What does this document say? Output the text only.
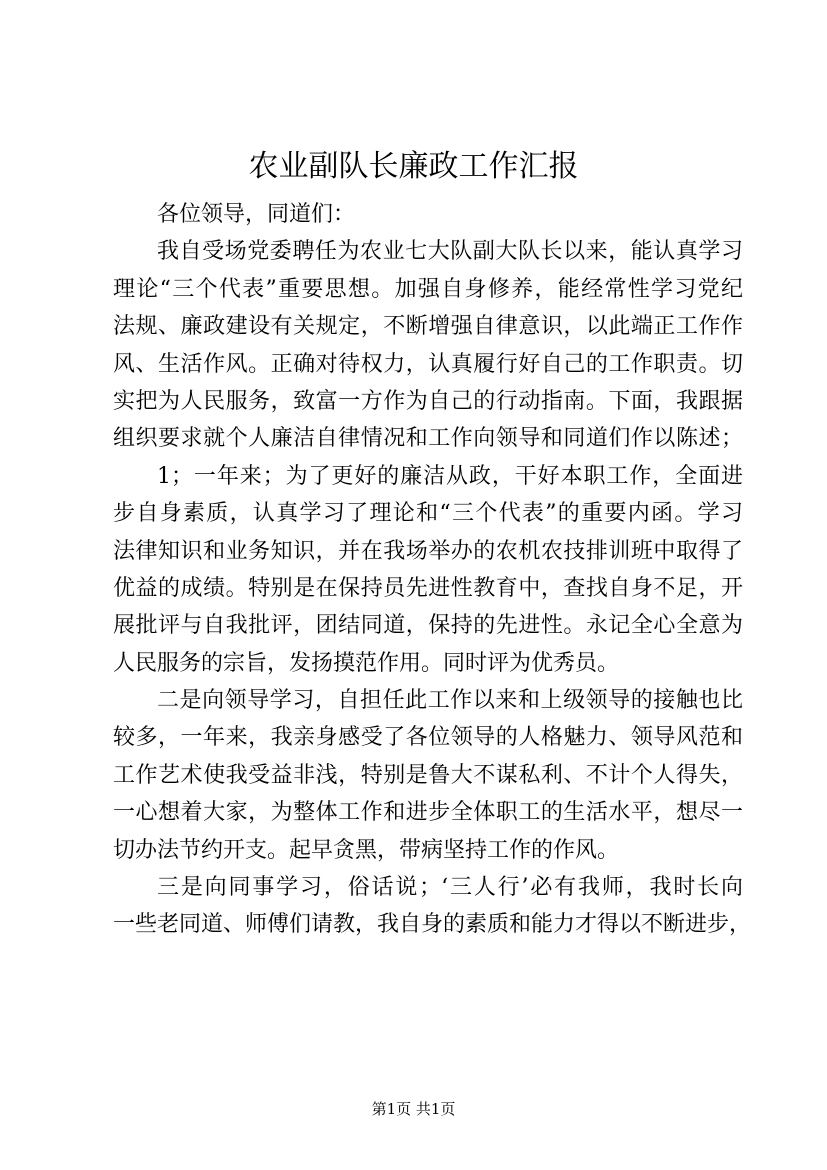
农业副队长廉政工作汇报
各位领导，同道们：
我自受场党委聘任为农业七大队副大队长以来，能认真学习
理论“三个代表”重要思想。加强自身修养，能经常性学习党纪
法规、廉政建设有关规定，不断增强自律意识，以此端正工作作
风、生活作风。正确对待权力，认真履行好自己的工作职责。切
实把为人民服务，致富一方作为自己的行动指南。下面，我跟据
组织要求就个人廉洁自律情况和工作向领导和同道们作以陈述；
1；一年来；为了更好的廉洁从政，干好本职工作，全面进
步自身素质，认真学习了理论和“三个代表”的重要内函。学习
法律知识和业务知识，并在我场举办的农机农技排训班中取得了
优益的成绩。特别是在保持员先进性教育中，查找自身不足，开
展批评与自我批评，团结同道，保持的先进性。永记全心全意为
人民服务的宗旨，发扬摸范作用。同时评为优秀员。
二是向领导学习，自担任此工作以来和上级领导的接触也比
较多，一年来，我亲身感受了各位领导的人格魅力、领导风范和
工作艺术使我受益非浅，特别是鲁大不谋私利、不计个人得失，
一心想着大家，为整体工作和进步全体职工的生活水平，想尽一
切办法节约开支。起早贪黑，带病坚持工作的作风。
三是向同事学习，俗话说；‘三人行’必有我师，我时长向
一些老同道、师傅们请教，我自身的素质和能力才得以不断进步，
第1页 共1页
